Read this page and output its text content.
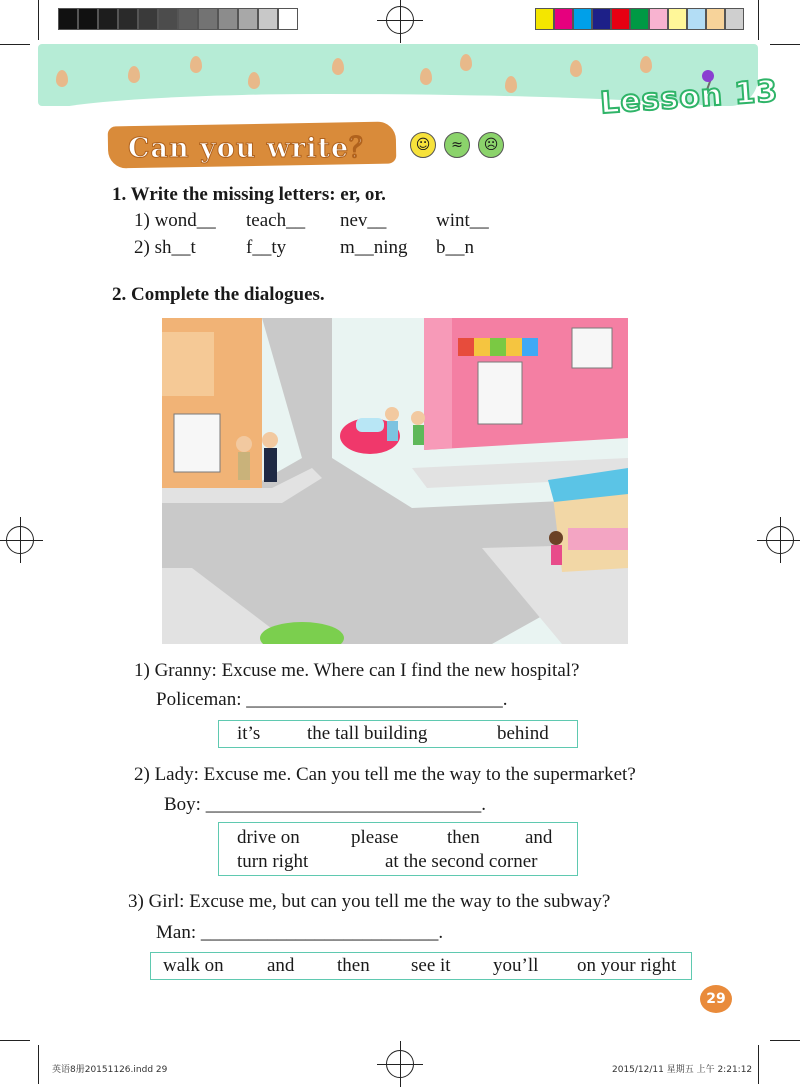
Lesson 13
Can you write？	☺	≈	☹
1. Write the missing letters: er, or.
1) wond__ teach__ nev__	wint__
2) sh__t	f__ty	m__ning b__n
2. Complete the dialogues.
1) Granny: Excuse me. Where can I find the new hospital?
Policeman: ___________________________.
it’s the tall building	behind
2) Lady: Excuse me. Can you tell me the way to the supermarket?
Boy: _____________________________.
drive on	please	then and
turn right	at the second corner
3) Girl: Excuse me, but can you tell me the way to the subway?
Man: _________________________.
walk on and then see it you’ll on your right
29
英语8册20151126.indd 29	2015/12/11 星期五 上午 2:21:12
